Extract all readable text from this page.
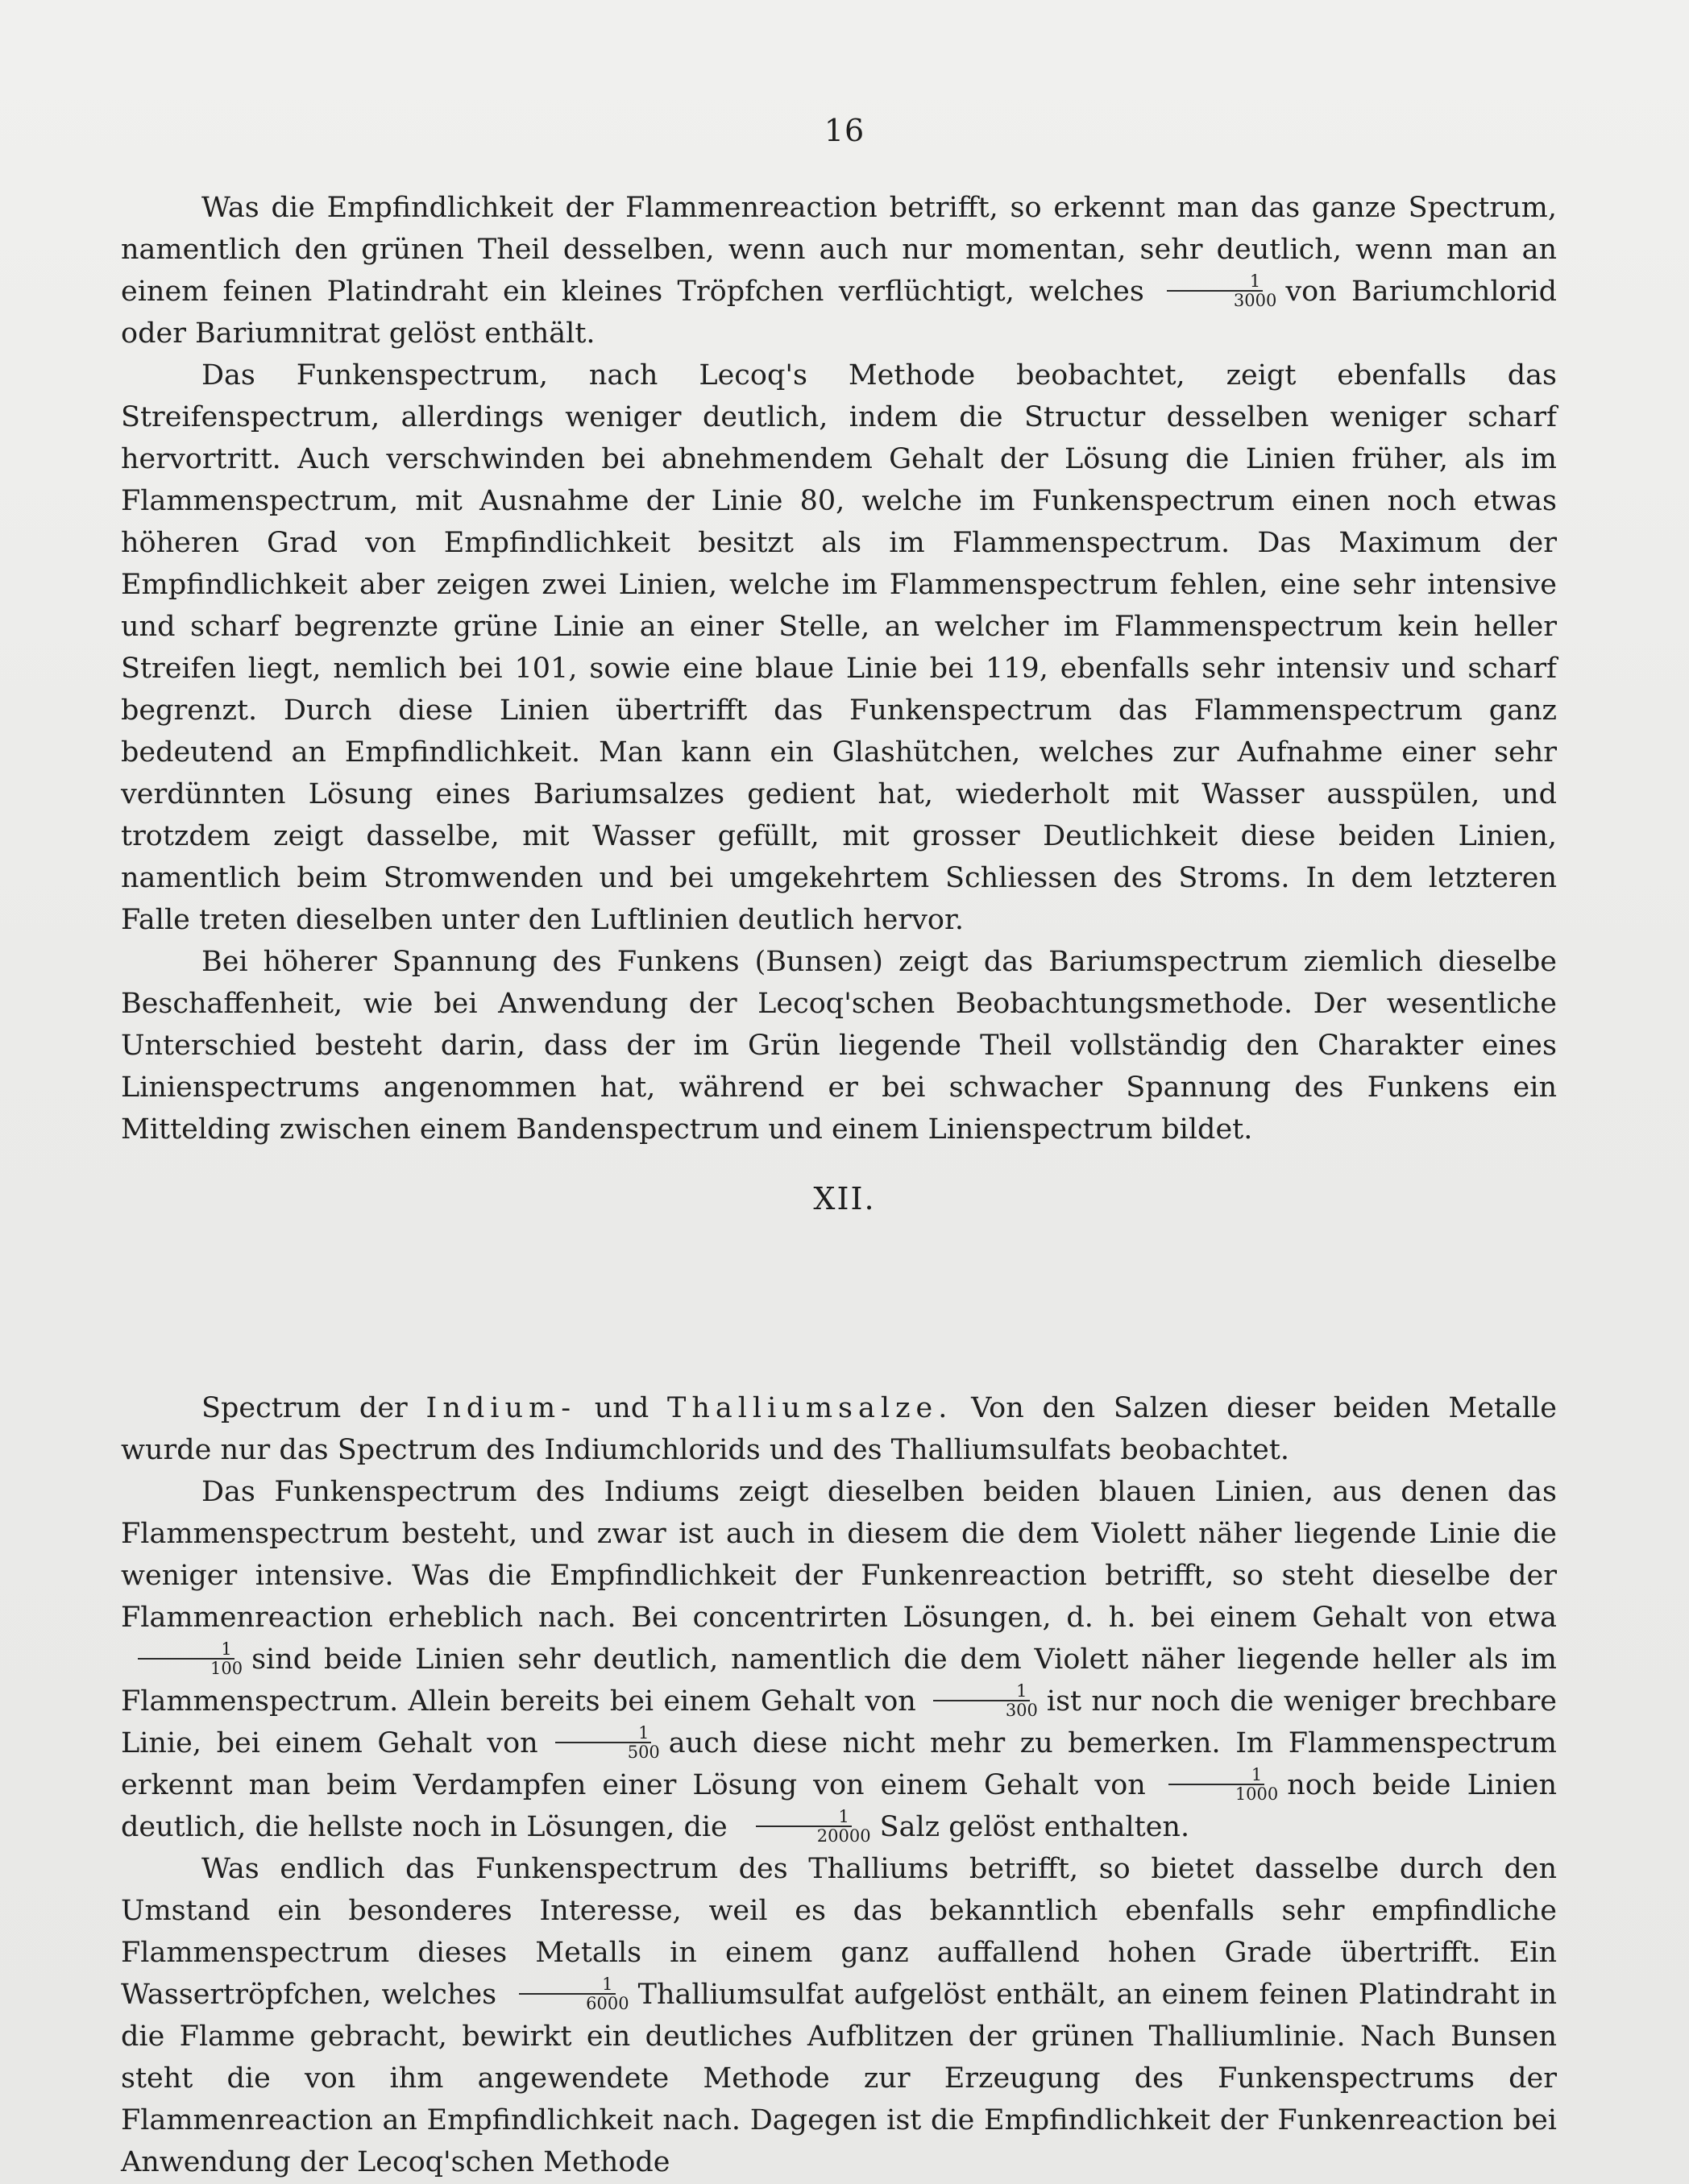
16

Was die Empfindlichkeit der Flammenreaction betrifft, so erkennt man das ganze Spectrum, namentlich den grünen Theil desselben, wenn auch nur momentan, sehr deutlich, wenn man an einem feinen Platindraht ein kleines Tröpfchen verflüchtigt, welches $\frac{1}{3000}$ von Bariumchlorid oder Bariumnitrat gelöst enthält.

Das Funkenspectrum, nach Lecoq's Methode beobachtet, zeigt ebenfalls das Streifenspectrum, allerdings weniger deutlich, indem die Structur desselben weniger scharf hervortritt. Auch verschwinden bei abnehmendem Gehalt der Lösung die Linien früher, als im Flammenspectrum, mit Ausnahme der Linie 80, welche im Funkenspectrum einen noch etwas höheren Grad von Empfindlichkeit besitzt als im Flammenspectrum. Das Maximum der Empfindlichkeit aber zeigen zwei Linien, welche im Flammenspectrum fehlen, eine sehr intensive und scharf begrenzte grüne Linie an einer Stelle, an welcher im Flammenspectrum kein heller Streifen liegt, nemlich bei 101, sowie eine blaue Linie bei 119, ebenfalls sehr intensiv und scharf begrenzt. Durch diese Linien übertrifft das Funkenspectrum das Flammenspectrum ganz bedeutend an Empfindlichkeit. Man kann ein Glashütchen, welches zur Aufnahme einer sehr verdünnten Lösung eines Bariumsalzes gedient hat, wiederholt mit Wasser ausspülen, und trotzdem zeigt dasselbe, mit Wasser gefüllt, mit grosser Deutlichkeit diese beiden Linien, namentlich beim Stromwenden und bei umgekehrtem Schliessen des Stroms. In dem letzteren Falle treten dieselben unter den Luftlinien deutlich hervor.

Bei höherer Spannung des Funkens (Bunsen) zeigt das Bariumspectrum ziemlich dieselbe Beschaffenheit, wie bei Anwendung der Lecoq'schen Beobachtungsmethode. Der wesentliche Unterschied besteht darin, dass der im Grün liegende Theil vollständig den Charakter eines Linienspectrums angenommen hat, während er bei schwacher Spannung des Funkens ein Mittelding zwischen einem Bandenspectrum und einem Linienspectrum bildet.

XII.

Spectrum der Indium- und Thalliumsalze. Von den Salzen dieser beiden Metalle wurde nur das Spectrum des Indiumchlorids und des Thalliumsulfats beobachtet.

Das Funkenspectrum des Indiums zeigt dieselben beiden blauen Linien, aus denen das Flammenspectrum besteht, und zwar ist auch in diesem die dem Violett näher liegende Linie die weniger intensive. Was die Empfindlichkeit der Funkenreaction betrifft, so steht dieselbe der Flammenreaction erheblich nach. Bei concentrirten Lösungen, d. h. bei einem Gehalt von etwa
$\frac{1}{100}$ sind beide Linien sehr deutlich, namentlich die dem Violett näher liegende heller als im Flammenspectrum. Allein bereits bei einem Gehalt von $\frac{1}{300}$ ist nur noch die weniger brechbare Linie, bei einem Gehalt von $\frac{1}{500}$ auch diese nicht mehr zu bemerken. Im Flammenspectrum erkennt man beim Verdampfen einer Lösung von einem Gehalt von $\frac{1}{1000}$ noch beide Linien deutlich, die hellste noch in Lösungen, die $\frac{1}{20000}$ Salz gelöst enthalten.

Was endlich das Funkenspectrum des Thalliums betrifft, so bietet dasselbe durch den Umstand ein besonderes Interesse, weil es das bekanntlich ebenfalls sehr empfindliche Flammenspectrum dieses Metalls in einem ganz auffallend hohen Grade übertrifft. Ein Wassertröpfchen, welches $\frac{1}{6000}$ Thalliumsulfat aufgelöst enthält, an einem feinen Platindraht in die Flamme gebracht, bewirkt ein deutliches Aufblitzen der grünen Thalliumlinie. Nach Bunsen steht die von ihm angewendete Methode zur Erzeugung des Funkenspectrums der Flammenreaction an Empfindlichkeit nach. Dagegen ist die Empfindlichkeit der Funkenreaction bei Anwendung der Lecoq'schen Methode
